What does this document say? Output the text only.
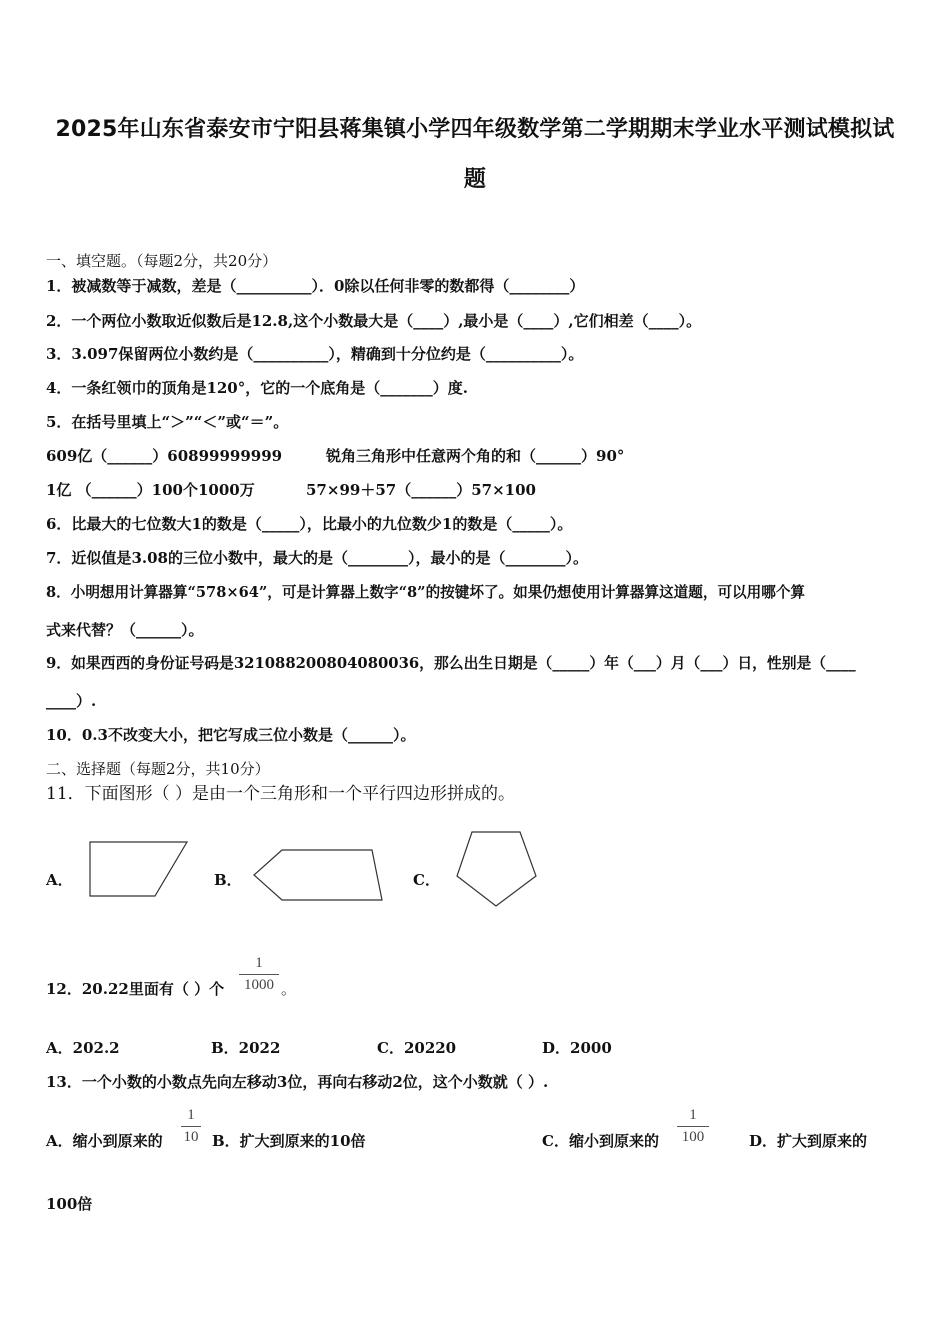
2025年山东省泰安市宁阳县蒋集镇小学四年级数学第二学期期末学业水平测试模拟试
题
一、填空题。（每题2分，共20分）
1．被减数等于减数，差是（__________）．0除以任何非零的数都得（________）
2．一个两位小数取近似数后是12.8,这个小数最大是（____）,最小是（____）,它们相差（____）。
3．3.097保留两位小数约是（__________），精确到十分位约是（__________）。
4．一条红领巾的顶角是120°，它的一个底角是（_______）度.
5．在括号里填上“＞”“＜”或“＝”。
609亿（______）60899999999	锐角三角形中任意两个角的和（______）90°
1亿 （______）100个1000万	57×99＋57（______）57×100
6．比最大的七位数大1的数是（_____），比最小的九位数少1的数是（_____）。
7．近似值是3.08的三位小数中，最大的是（________），最小的是（________）。
8．小明想用计算器算“578×64”，可是计算器上数字“8”的按键坏了。如果仍想使用计算器算这道题，可以用哪个算
式来代替？（______）。
9．如果西西的身份证号码是321088200804080036，那么出生日期是（_____）年（___）月（___）日，性别是（____
____）.
10．0.3不改变大小，把它写成三位小数是（______）。
二、选择题（每题2分，共10分）
11．下面图形（ ）是由一个三角形和一个平行四边形拼成的。
A．	B．	C．
12．20.22里面有（ ）个
1
1000 。
A．202.2	B．2022	C．20220	D．2000
13．一个小数的小数点先向左移动3位，再向右移动2位，这个小数就（ ）.
A．缩小到原来的
1
10 B．扩大到原来的10倍	C．缩小到原来的
1
100	D．扩大到原来的
100倍
